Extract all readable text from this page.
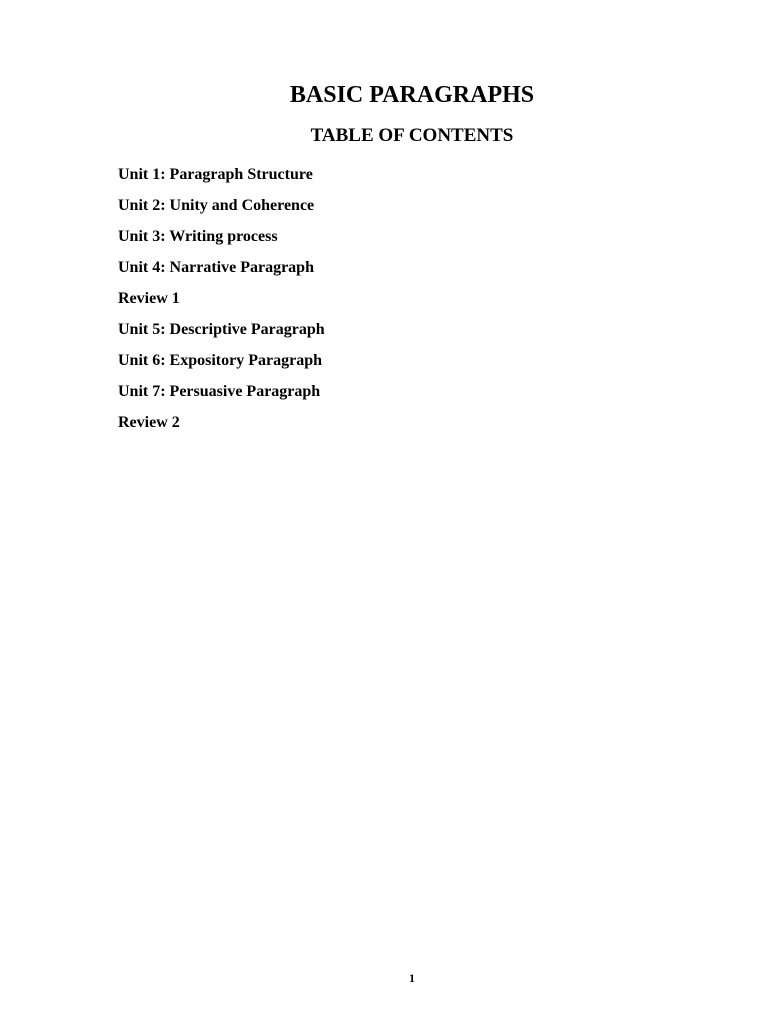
BASIC PARAGRAPHS
TABLE OF CONTENTS
Unit 1: Paragraph Structure
Unit 2: Unity and Coherence
Unit 3: Writing process
Unit 4: Narrative Paragraph
Review 1
Unit 5: Descriptive Paragraph
Unit 6: Expository Paragraph
Unit 7: Persuasive Paragraph
Review 2
1
